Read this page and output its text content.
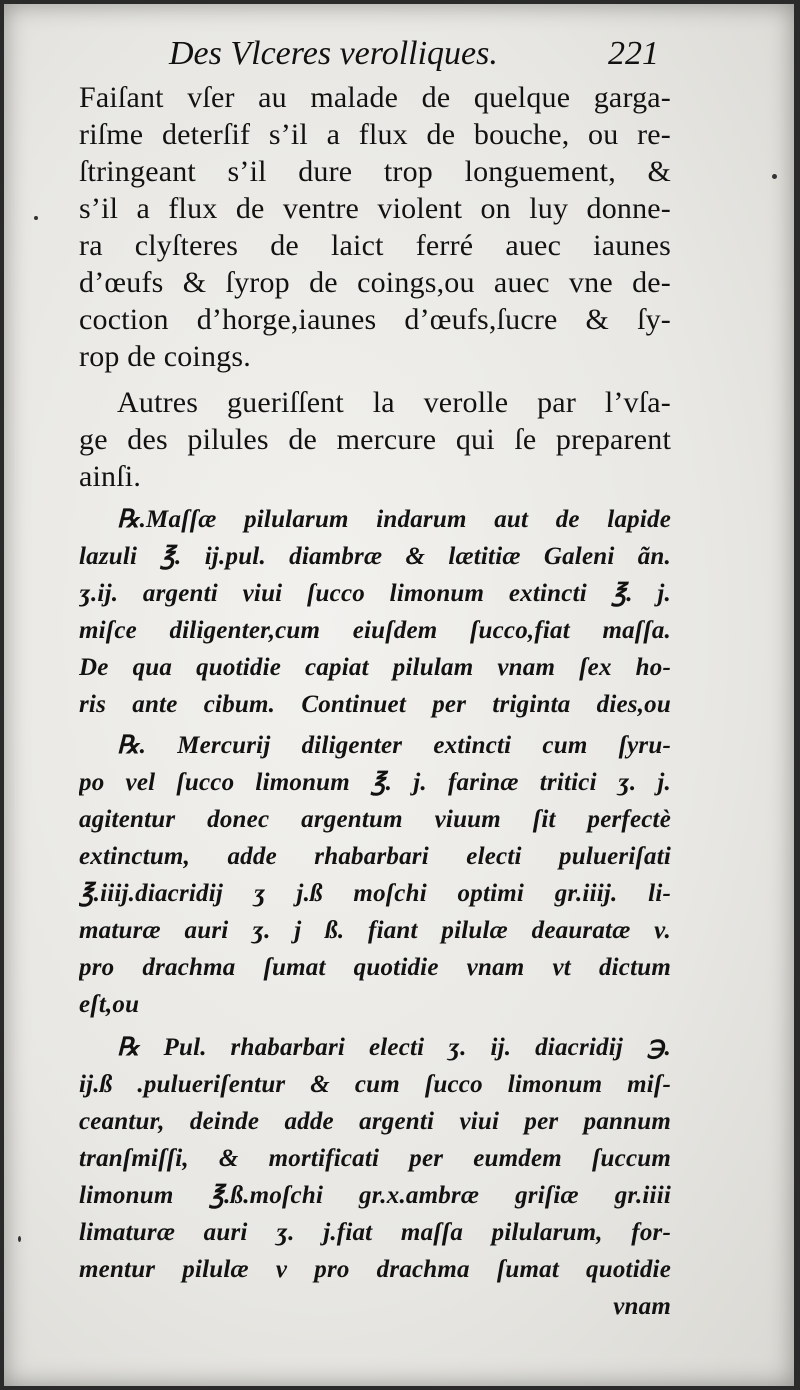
Des Vlceres verolliques.	221
Faiſant vſer au malade de quelque garga-
riſme deterſif s’il a flux de bouche, ou re-
ſtringeant s’il dure trop longuement, &
s’il a flux de ventre violent on luy donne-
ra clyſteres de laict ferré auec iaunes
d’œufs & ſyrop de coings,ou auec vne de-
coction d’horge,iaunes d’œufs,ſucre & ſy-
rop de coings.
Autres gueriſſent la verolle par l’vſa-
ge des pilules de mercure qui ſe preparent
ainſi.
℞.Maſſæ pilularum indarum aut de lapide
lazuli ℥. ij.pul. diambræ & lætitiæ Galeni ãn.
ʒ.ij. argenti viui ſucco limonum extincti ℥. j.
miſce diligenter,cum eiuſdem ſucco,fiat maſſa.
De qua quotidie capiat pilulam vnam ſex ho-
ris ante cibum. Continuet per triginta dies,ou
℞. Mercurij diligenter extincti cum ſyru-
po vel ſucco limonum ℥. j. farinæ tritici ʒ. j.
agitentur donec argentum viuum ſit perfectè
extinctum, adde rhabarbari electi pulueriſati
℥.iiij.diacridij ʒ j.ß moſchi optimi gr.iiij. li-
maturæ auri ʒ. j ß. fiant pilulæ deauratæ v.
pro drachma ſumat quotidie vnam vt dictum
eſt,ou
℞ Pul. rhabarbari electi ʒ. ij. diacridij ℈.
ij.ß .pulueriſentur & cum ſucco limonum miſ-
ceantur, deinde adde argenti viui per pannum
tranſmiſſi, & mortificati per eumdem ſuccum
limonum ℥.ß.moſchi gr.x.ambræ griſiæ gr.iiii
limaturæ auri ʒ. j.fiat maſſa pilularum, for-
mentur pilulæ v pro drachma ſumat quotidie
vnam
